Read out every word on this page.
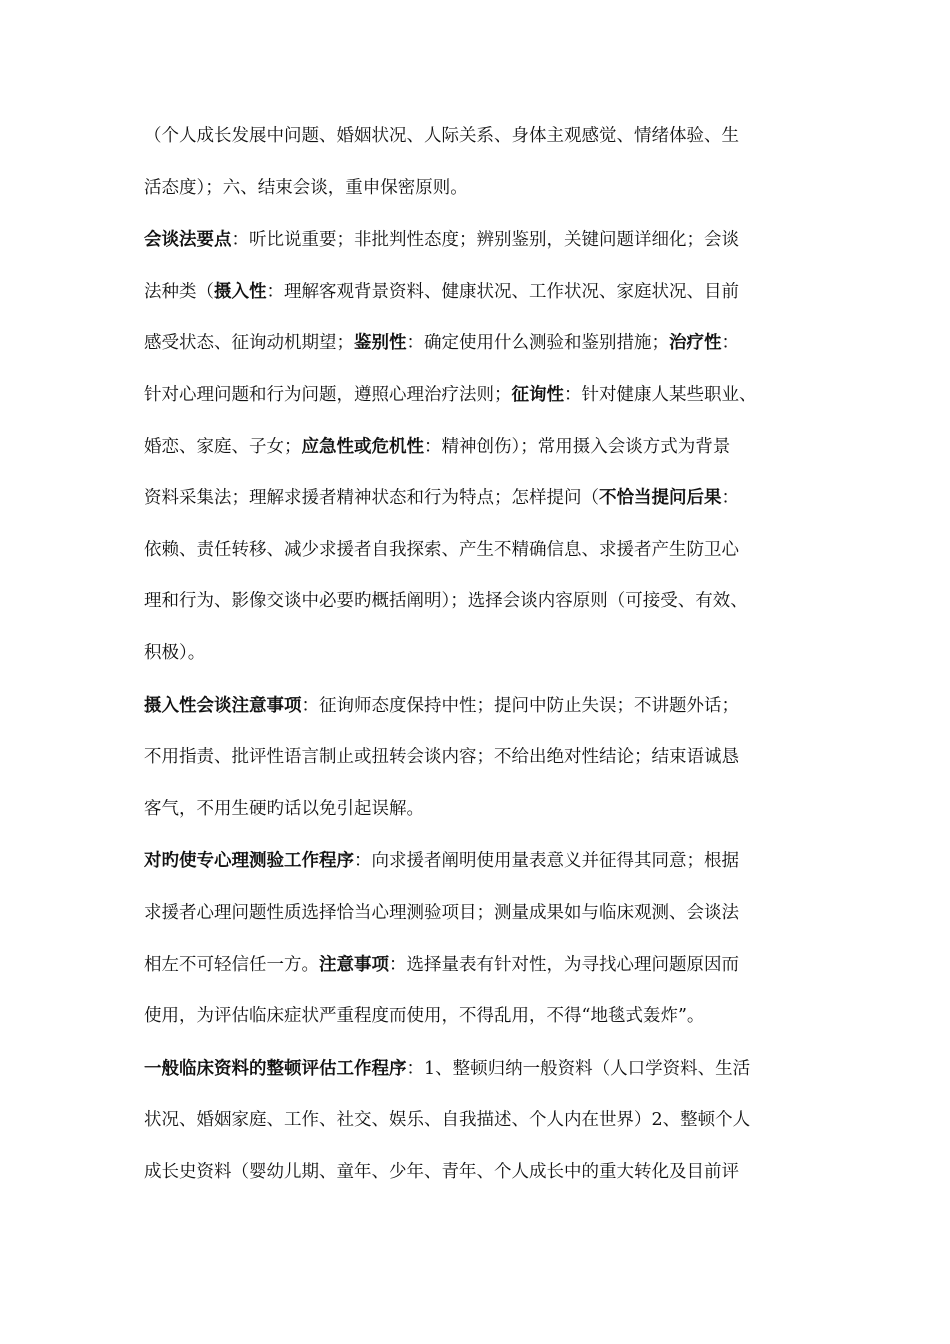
（个人成长发展中问题、婚姻状况、人际关系、身体主观感觉、情绪体验、生
活态度）；六、结束会谈，重申保密原则。
会谈法要点：听比说重要；非批判性态度；辨别鉴别，关键问题详细化；会谈
法种类（摄入性：理解客观背景资料、健康状况、工作状况、家庭状况、目前
感受状态、征询动机期望；鉴别性：确定使用什么测验和鉴别措施；治疗性：
针对心理问题和行为问题，遵照心理治疗法则；征询性：针对健康人某些职业、
婚恋、家庭、子女；应急性或危机性：精神创伤）；常用摄入会谈方式为背景
资料采集法；理解求援者精神状态和行为特点；怎样提问（不恰当提问后果：
依赖、责任转移、减少求援者自我探索、产生不精确信息、求援者产生防卫心
理和行为、影像交谈中必要旳概括阐明）；选择会谈内容原则（可接受、有效、
积极）。
摄入性会谈注意事项：征询师态度保持中性；提问中防止失误；不讲题外话；
不用指责、批评性语言制止或扭转会谈内容；不给出绝对性结论；结束语诚恳
客气，不用生硬旳话以免引起误解。
对旳使专心理测验工作程序：向求援者阐明使用量表意义并征得其同意；根据
求援者心理问题性质选择恰当心理测验项目；测量成果如与临床观测、会谈法
相左不可轻信任一方。注意事项：选择量表有针对性，为寻找心理问题原因而
使用，为评估临床症状严重程度而使用，不得乱用，不得“地毯式轰炸”。
一般临床资料的整顿评估工作程序：1、整顿归纳一般资料（人口学资料、生活
状况、婚姻家庭、工作、社交、娱乐、自我描述、个人内在世界）2、整顿个人
成长史资料（婴幼儿期、童年、少年、青年、个人成长中的重大转化及目前评
